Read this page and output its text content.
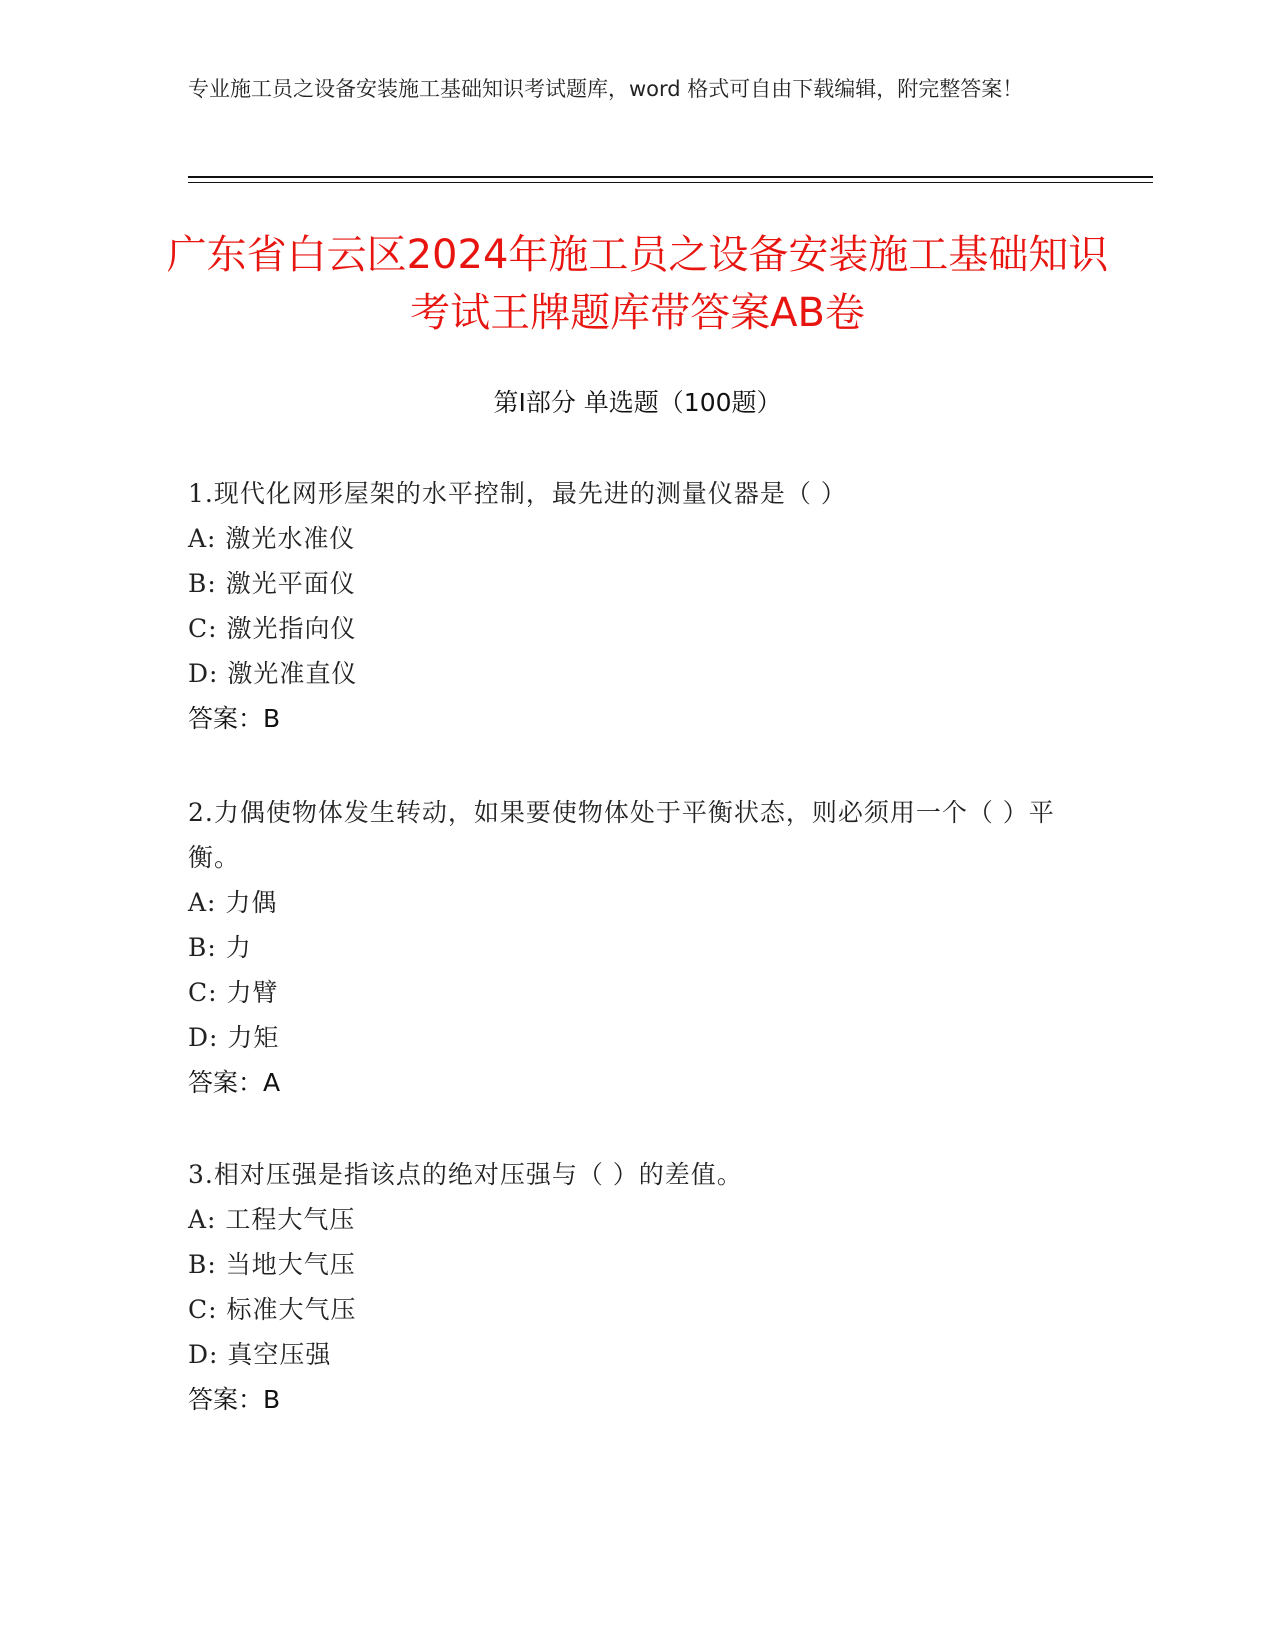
专业施工员之设备安装施工基础知识考试题库，word 格式可自由下载编辑，附完整答案！
广东省白云区2024年施工员之设备安装施工基础知识考试王牌题库带答案AB卷
第Ⅰ部分 单选题（100题）
1.现代化网形屋架的水平控制，最先进的测量仪器是（ ）
A: 激光水准仪
B: 激光平面仪
C: 激光指向仪
D: 激光准直仪
答案：B
2.力偶使物体发生转动，如果要使物体处于平衡状态，则必须用一个（ ）平衡。
A: 力偶
B: 力
C: 力臂
D: 力矩
答案：A
3.相对压强是指该点的绝对压强与（ ）的差值。
A: 工程大气压
B: 当地大气压
C: 标准大气压
D: 真空压强
答案：B
